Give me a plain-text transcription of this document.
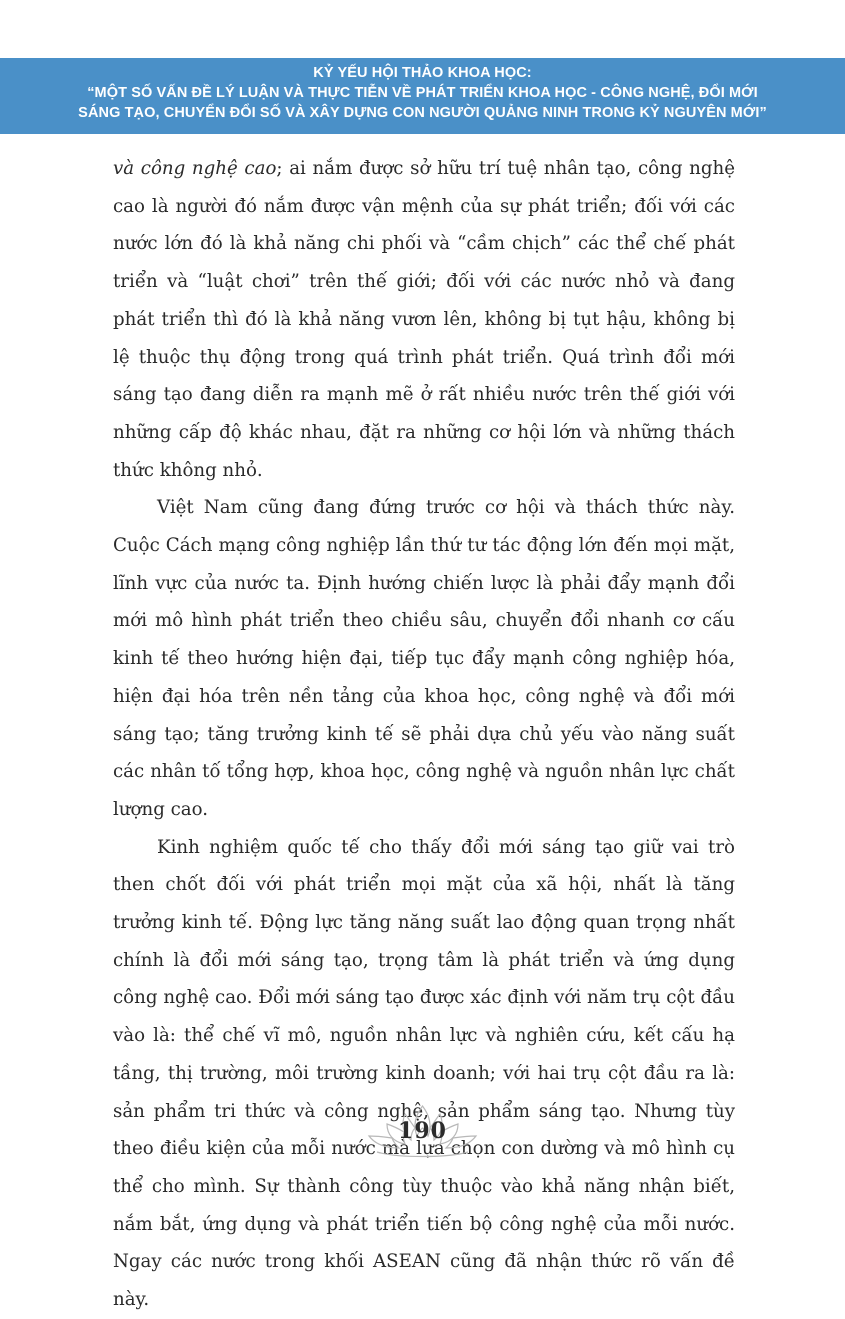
KỶ YẾU HỘI THẢO KHOA HỌC:
“MỘT SỐ VẤN ĐỀ LÝ LUẬN VÀ THỰC TIỄN VỀ PHÁT TRIỂN KHOA HỌC - CÔNG NGHỆ, ĐỔI MỚI
SÁNG TẠO, CHUYỂN ĐỔI SỐ VÀ XÂY DỰNG CON NGƯỜI QUẢNG NINH TRONG KỶ NGUYÊN MỚI”

và công nghệ cao; ai nắm được sở hữu trí tuệ nhân tạo, công nghệ cao là người đó nắm được vận mệnh của sự phát triển; đối với các nước lớn đó là khả năng chi phối và “cầm chịch” các thể chế phát triển và “luật chơi” trên thế giới; đối với các nước nhỏ và đang phát triển thì đó là khả năng vươn lên, không bị tụt hậu, không bị lệ thuộc thụ động trong quá trình phát triển. Quá trình đổi mới sáng tạo đang diễn ra mạnh mẽ ở rất nhiều nước trên thế giới với những cấp độ khác nhau, đặt ra những cơ hội lớn và những thách thức không nhỏ.

Việt Nam cũng đang đứng trước cơ hội và thách thức này. Cuộc Cách mạng công nghiệp lần thứ tư tác động lớn đến mọi mặt, lĩnh vực của nước ta. Định hướng chiến lược là phải đẩy mạnh đổi mới mô hình phát triển theo chiều sâu, chuyển đổi nhanh cơ cấu kinh tế theo hướng hiện đại, tiếp tục đẩy mạnh công nghiệp hóa, hiện đại hóa trên nền tảng của khoa học, công nghệ và đổi mới sáng tạo; tăng trưởng kinh tế sẽ phải dựa chủ yếu vào năng suất các nhân tố tổng hợp, khoa học, công nghệ và nguồn nhân lực chất lượng cao.

Kinh nghiệm quốc tế cho thấy đổi mới sáng tạo giữ vai trò then chốt đối với phát triển mọi mặt của xã hội, nhất là tăng trưởng kinh tế. Động lực tăng năng suất lao động quan trọng nhất chính là đổi mới sáng tạo, trọng tâm là phát triển và ứng dụng công nghệ cao. Đổi mới sáng tạo được xác định với năm trụ cột đầu vào là: thể chế vĩ mô, nguồn nhân lực và nghiên cứu, kết cấu hạ tầng, thị trường, môi trường kinh doanh; với hai trụ cột đầu ra là: sản phẩm tri thức và công nghệ, sản phẩm sáng tạo. Nhưng tùy theo điều kiện của mỗi nước mà lựa chọn con dường và mô hình cụ thể cho mình. Sự thành công tùy thuộc vào khả năng nhận biết, nắm bắt, ứng dụng và phát triển tiến bộ công nghệ của mỗi nước. Ngay các nước trong khối ASEAN cũng đã nhận thức rõ vấn đề này.

190
